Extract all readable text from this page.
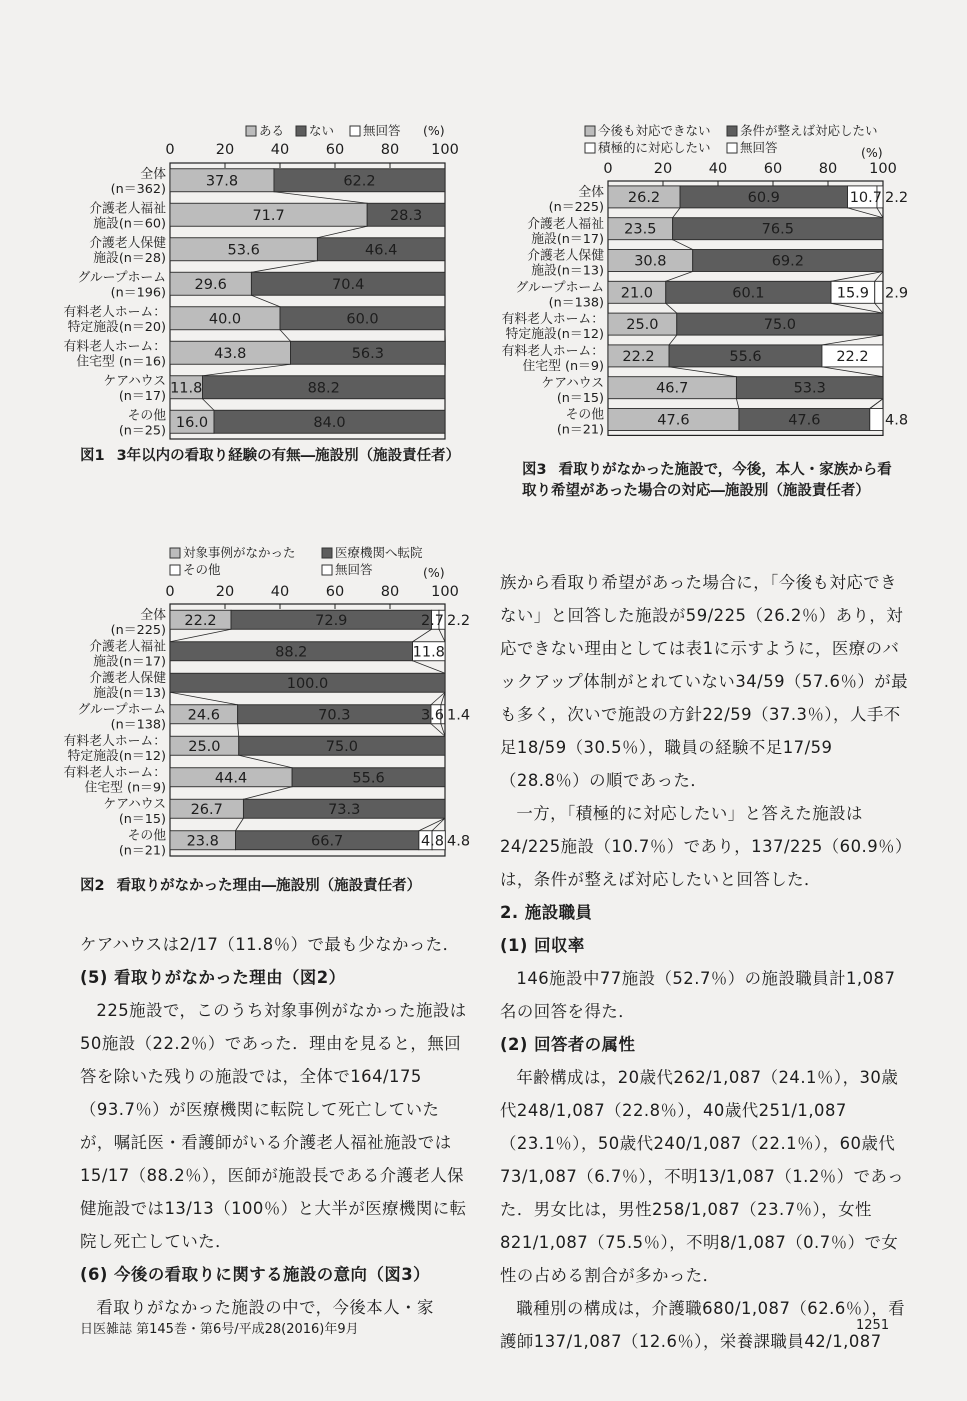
ある ない 無回答 (%)
0	20	40	60	80 100
全体
(n＝362)
37.8	62.2
介護老人福祉
施設(n＝60)
71.7	28.3
介護老人保健
施設(n＝28)
53.6	46.4
グループホーム
(n＝196)
29.6	70.4
有料老人ホーム：
特定施設(n＝20)
40.0	60.0
有料老人ホーム：
住宅型 (n＝16)
43.8	56.3
ケアハウス
(n＝17)
11.8	88.2
その他
(n＝25)
16.0	84.0
図1 3年以内の看取り経験の有無―施設別（施設責任者）
対象事例がなかった	医療機関へ転院
その他	無回答	(%)
0	20	40	60	80 100
全体
(n＝225)
22.2	72.9	2.7 2.2
介護老人福祉
施設(n＝17)
88.2	11.8
介護老人保健
施設(n＝13)
100.0
グループホーム
(n＝138)
24.6	70.3	3.6 1.4
有料老人ホーム：
特定施設(n＝12)
25.0	75.0
有料老人ホーム：
住宅型 (n＝9)
44.4	55.6
ケアハウス
(n＝15)
26.7	73.3
その他
(n＝21)
23.8	66.7	4.8 4.8
図2 看取りがなかった理由―施設別（施設責任者）
今後も対応できない 条件が整えば対応したい
積極的に対応したい 無回答	(%)
0	20	40	60	80 100
全体
(n＝225)
26.2	60.9	10.7 2.2
介護老人福祉
施設(n＝17)
23.5	76.5
介護老人保健
施設(n＝13)
30.8	69.2
グループホーム
(n＝138)
21.0	60.1	15.9 2.9
有料老人ホーム：
特定施設(n＝12)
25.0	75.0
有料老人ホーム：
住宅型 (n＝9)
22.2	55.6	22.2
ケアハウス
(n＝15)
46.7	53.3
その他
(n＝21)
47.6	47.6	4.8
図3 看取りがなかった施設で，今後，本人・家族から看取り希望があった場合の対応―施設別（施設責任者）

ケアハウスは2/17（11.8％）で最も少なかった．

(5) 看取りがなかった理由（図2）

225施設で，このうち対象事例がなかった施設は50施設（22.2％）であった．理由を見ると，無回答を除いた残りの施設では，全体で164/175（93.7％）が医療機関に転院して死亡していたが，嘱託医・看護師がいる介護老人福祉施設では15/17（88.2％），医師が施設長である介護老人保健施設では13/13（100％）と大半が医療機関に転院し死亡していた．

(6) 今後の看取りに関する施設の意向（図3）

看取りがなかった施設の中で，今後本人・家

族から看取り希望があった場合に，「今後も対応できない」と回答した施設が59/225（26.2％）あり，対応できない理由としては表1に示すように，医療のバックアップ体制がとれていない34/59（57.6％）が最も多く，次いで施設の方針22/59（37.3％），人手不足18/59（30.5％），職員の経験不足17/59（28.8％）の順であった．

一方，「積極的に対応したい」と答えた施設は24/225施設（10.7％）であり，137/225（60.9％）は，条件が整えば対応したいと回答した．

2. 施設職員

(1) 回収率

146施設中77施設（52.7％）の施設職員計1,087名の回答を得た．

(2) 回答者の属性

年齢構成は，20歳代262/1,087（24.1％），30歳代248/1,087（22.8％），40歳代251/1,087（23.1％），50歳代240/1,087（22.1％），60歳代73/1,087（6.7％），不明13/1,087（1.2％）であった．男女比は，男性258/1,087（23.7％），女性821/1,087（75.5％），不明8/1,087（0.7％）で女性の占める割合が多かった．

職種別の構成は，介護職680/1,087（62.6％），看護師137/1,087（12.6％），栄養課職員42/1,087

日医雑誌 第145巻・第6号/平成28(2016)年9月	1251
